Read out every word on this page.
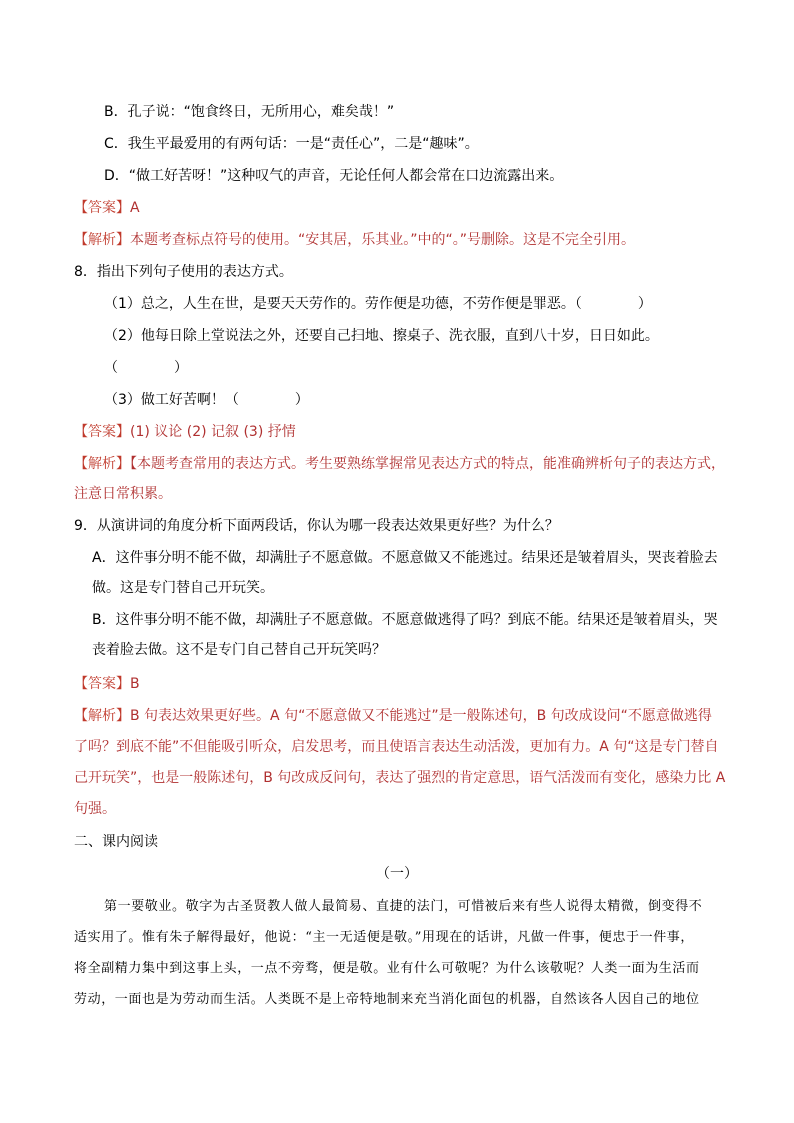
B．孔子说：“饱食终日，无所用心，难矣哉！”
C．我生平最爱用的有两句话：一是“责任心”，二是“趣味”。
D．“做工好苦呀！”这种叹气的声音，无论任何人都会常在口边流露出来。
【答案】A
【解析】本题考查标点符号的使用。“安其居，乐其业。”中的“。”号删除。这是不完全引用。
8．指出下列句子使用的表达方式。
（1）总之，人生在世，是要天天劳作的。劳作便是功德，不劳作便是罪恶。（　　　　）
（2）他每日除上堂说法之外，还要自己扫地、擦桌子、洗衣服，直到八十岁，日日如此。
（　　　　）
（3）做工好苦啊！（　　　　）
【答案】(1) 议论 (2) 记叙 (3) 抒情
【解析】【本题考查常用的表达方式。考生要熟练掌握常见表达方式的特点，能准确辨析句子的表达方式，
注意日常积累。
9．从演讲词的角度分析下面两段话，你认为哪一段表达效果更好些？为什么？
A．这件事分明不能不做，却满肚子不愿意做。不愿意做又不能逃过。结果还是皱着眉头，哭丧着脸去
做。这是专门替自己开玩笑。
B．这件事分明不能不做，却满肚子不愿意做。不愿意做逃得了吗？到底不能。结果还是皱着眉头，哭
丧着脸去做。这不是专门自己替自己开玩笑吗？
【答案】B
【解析】B 句表达效果更好些。A 句“不愿意做又不能逃过”是一般陈述句，B 句改成设问“不愿意做逃得
了吗？到底不能”不但能吸引听众，启发思考，而且使语言表达生动活泼，更加有力。A 句“这是专门替自
己开玩笑”，也是一般陈述句，B 句改成反问句，表达了强烈的肯定意思，语气活泼而有变化，感染力比 A
句强。
二、课内阅读
（一）
第一要敬业。敬字为古圣贤教人做人最简易、直捷的法门，可惜被后来有些人说得太精微，倒变得不
适实用了。惟有朱子解得最好，他说：“主一无适便是敬。”用现在的话讲，凡做一件事，便忠于一件事，
将全副精力集中到这事上头，一点不旁骛，便是敬。业有什么可敬呢？为什么该敬呢？人类一面为生活而
劳动，一面也是为劳动而生活。人类既不是上帝特地制来充当消化面包的机器，自然该各人因自己的地位
